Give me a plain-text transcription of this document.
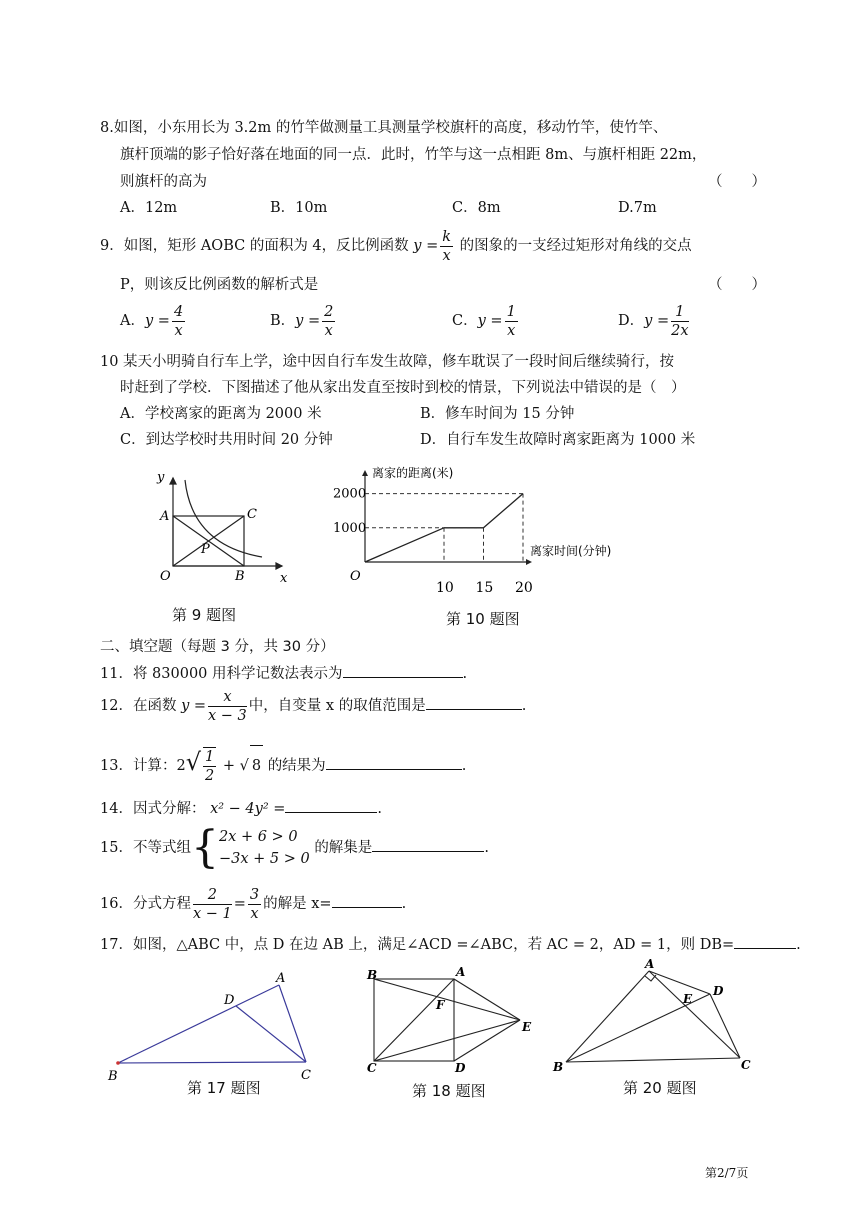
8.如图，小东用长为 3.2m 的竹竿做测量工具测量学校旗杆的高度，移动竹竿，使竹竿、
旗杆顶端的影子恰好落在地面的同一点．此时，竹竿与这一点相距 8m、与旗杆相距 22m，
则旗杆的高为	（　　）
A．12m	B．10m	C．8m	D.7m
9．如图，矩形 AOBC 的面积为 4，反比例函数 $y = \frac{k}{x}$ 的图象的一支经过矩形对角线的交点
P，则该反比例函数的解析式是	（　　）
A．$y = \frac{4}{x}$	B．$y = \frac{2}{x}$	C．$y = \frac{1}{x}$	D．$y = \frac{1}{2x}$
10 某天小明骑自行车上学，途中因自行车发生故障，修车耽误了一段时间后继续骑行，按
时赶到了学校．下图描述了他从家出发直至按时到校的情景，下列说法中错误的是（　）
A．学校离家的距离为 2000 米	B．修车时间为 15 分钟
C．到达学校时共用时间 20 分钟	D．自行车发生故障时离家距离为 1000 米
y
x
A	C
P
O	B
第 9 题图
离家的距离(米)
离家时间(分钟)
O
1000
2000
10 15 20
第 10 题图
二、填空题（每题 3 分，共 30 分）
11．将 830000 用科学记数法表示为	.
12．在函数 $y = \frac{x}{x - 3}$ 中，自变量 x 的取值范围是	.
13．计算：$2√ \frac{1}{2}$ + √ 8 的结果为	.
14．因式分解： x² − 4y² =	.
15．不等式组{ 2x + 6 > 0
−3x + 5 > 0
的解集是	.
16．分式方程 $\frac{2}{x - 1} = \frac{3}{x}$ 的解是 x=	.
17．如图，△ABC 中，点 D 在边 AB 上，满足∠ACD =∠ABC，若 AC = 2，AD = 1，则 DB=	.
A
D
B	C
第 17 题图
B	A
F
E
C	D
第 18 题图
A
E
D
B	C
第 20 题图
第2/7页
